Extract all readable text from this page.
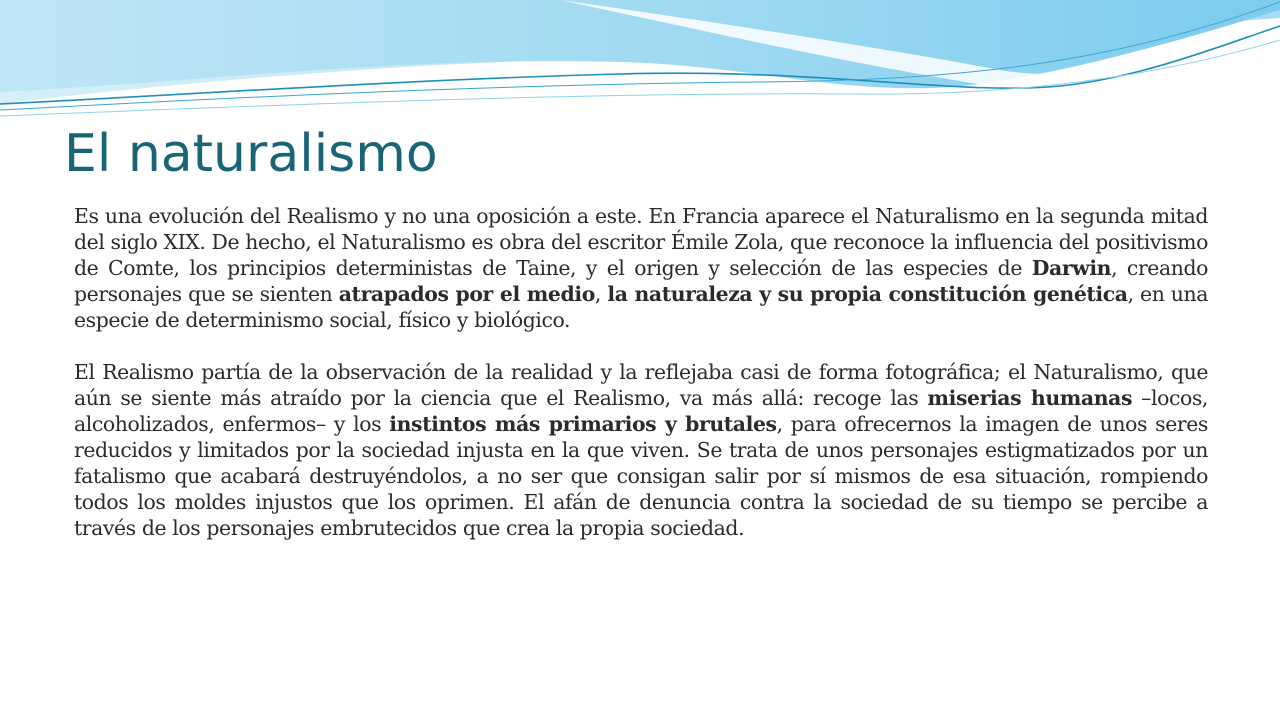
El naturalismo

Es una evolución del Realismo y no una oposición a este. En Francia aparece el Naturalismo en la segunda mitad del siglo XIX. De hecho, el Naturalismo es obra del escritor Émile Zola, que reconoce la influencia del positivismo de Comte, los principios deterministas de Taine, y el origen y selección de las especies de Darwin, creando personajes que se sienten atrapados por el medio, la naturaleza y su propia constitución genética, en una especie de determinismo social, físico y biológico.

El Realismo partía de la observación de la realidad y la reflejaba casi de forma fotográfica; el Naturalismo, que aún se siente más atraído por la ciencia que el Realismo, va más allá: recoge las miserias humanas –locos, alcoholizados, enfermos– y los instintos más primarios y brutales, para ofrecernos la imagen de unos seres reducidos y limitados por la sociedad injusta en la que viven. Se trata de unos personajes estigmatizados por un fatalismo que acabará destruyéndolos, a no ser que consigan salir por sí mismos de esa situación, rompiendo todos los moldes injustos que los oprimen. El afán de denuncia contra la sociedad de su tiempo se percibe a través de los personajes embrutecidos que crea la propia sociedad.
